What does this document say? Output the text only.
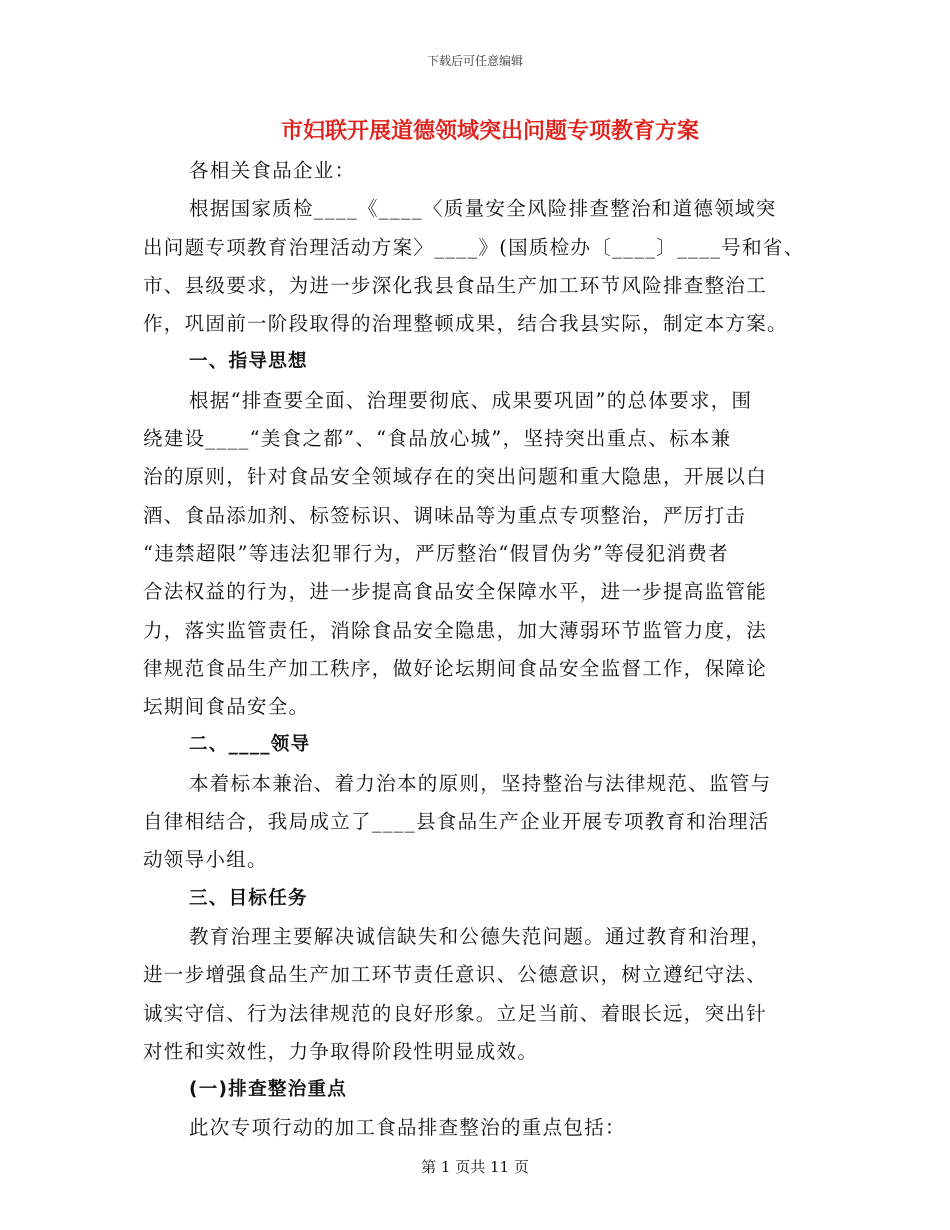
下载后可任意编辑
市妇联开展道德领域突出问题专项教育方案
各相关食品企业：
根据国家质检____《____〈质量安全风险排查整治和道德领域突
出问题专项教育治理活动方案〉____》(国质检办〔____〕____号和省、
市、县级要求，为进一步深化我县食品生产加工环节风险排查整治工
作，巩固前一阶段取得的治理整顿成果，结合我县实际，制定本方案。
一、指导思想
根据“排查要全面、治理要彻底、成果要巩固”的总体要求，围
绕建设____“美食之都”、“食品放心城”，坚持突出重点、标本兼
治的原则，针对食品安全领域存在的突出问题和重大隐患，开展以白
酒、食品添加剂、标签标识、调味品等为重点专项整治，严厉打击
“违禁超限”等违法犯罪行为，严厉整治“假冒伪劣”等侵犯消费者
合法权益的行为，进一步提高食品安全保障水平，进一步提高监管能
力，落实监管责任，消除食品安全隐患，加大薄弱环节监管力度，法
律规范食品生产加工秩序，做好论坛期间食品安全监督工作，保障论
坛期间食品安全。
二、____领导
本着标本兼治、着力治本的原则，坚持整治与法律规范、监管与
自律相结合，我局成立了____县食品生产企业开展专项教育和治理活
动领导小组。
三、目标任务
教育治理主要解决诚信缺失和公德失范问题。通过教育和治理，
进一步增强食品生产加工环节责任意识、公德意识，树立遵纪守法、
诚实守信、行为法律规范的良好形象。立足当前、着眼长远，突出针
对性和实效性，力争取得阶段性明显成效。
(一)排查整治重点
此次专项行动的加工食品排查整治的重点包括：
第 1 页共 11 页
